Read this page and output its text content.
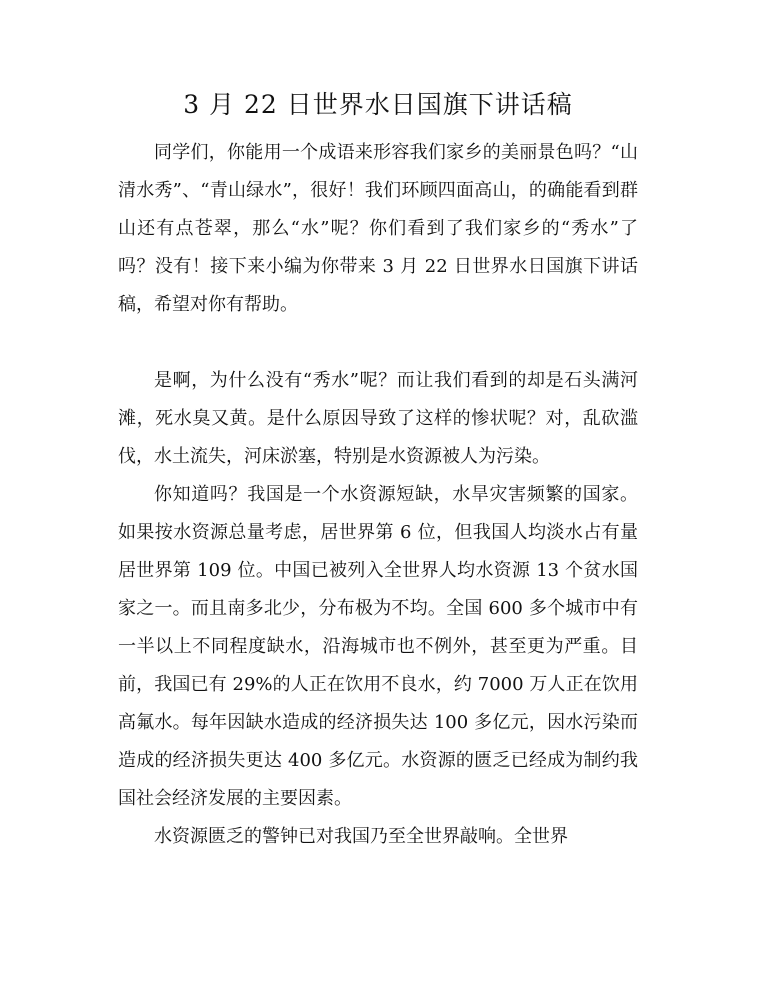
3 月 22 日世界水日国旗下讲话稿

同学们，你能用一个成语来形容我们家乡的美丽景色吗？“山清水秀”、“青山绿水”，很好！我们环顾四面高山，的确能看到群山还有点苍翠，那么“水”呢？你们看到了我们家乡的“秀水”了吗？没有！接下来小编为你带来 3 月 22 日世界水日国旗下讲话稿，希望对你有帮助。

是啊，为什么没有“秀水”呢？而让我们看到的却是石头满河滩，死水臭又黄。是什么原因导致了这样的惨状呢？对，乱砍滥伐，水土流失，河床淤塞，特别是水资源被人为污染。

你知道吗？我国是一个水资源短缺，水旱灾害频繁的国家。如果按水资源总量考虑，居世界第 6 位，但我国人均淡水占有量居世界第 109 位。中国已被列入全世界人均水资源 13 个贫水国家之一。而且南多北少，分布极为不均。全国 600 多个城市中有一半以上不同程度缺水，沿海城市也不例外，甚至更为严重。目前，我国已有 29%的人正在饮用不良水，约 7000 万人正在饮用高氟水。每年因缺水造成的经济损失达 100 多亿元，因水污染而造成的经济损失更达 400 多亿元。水资源的匮乏已经成为制约我国社会经济发展的主要因素。

水资源匮乏的警钟已对我国乃至全世界敲响。全世界
